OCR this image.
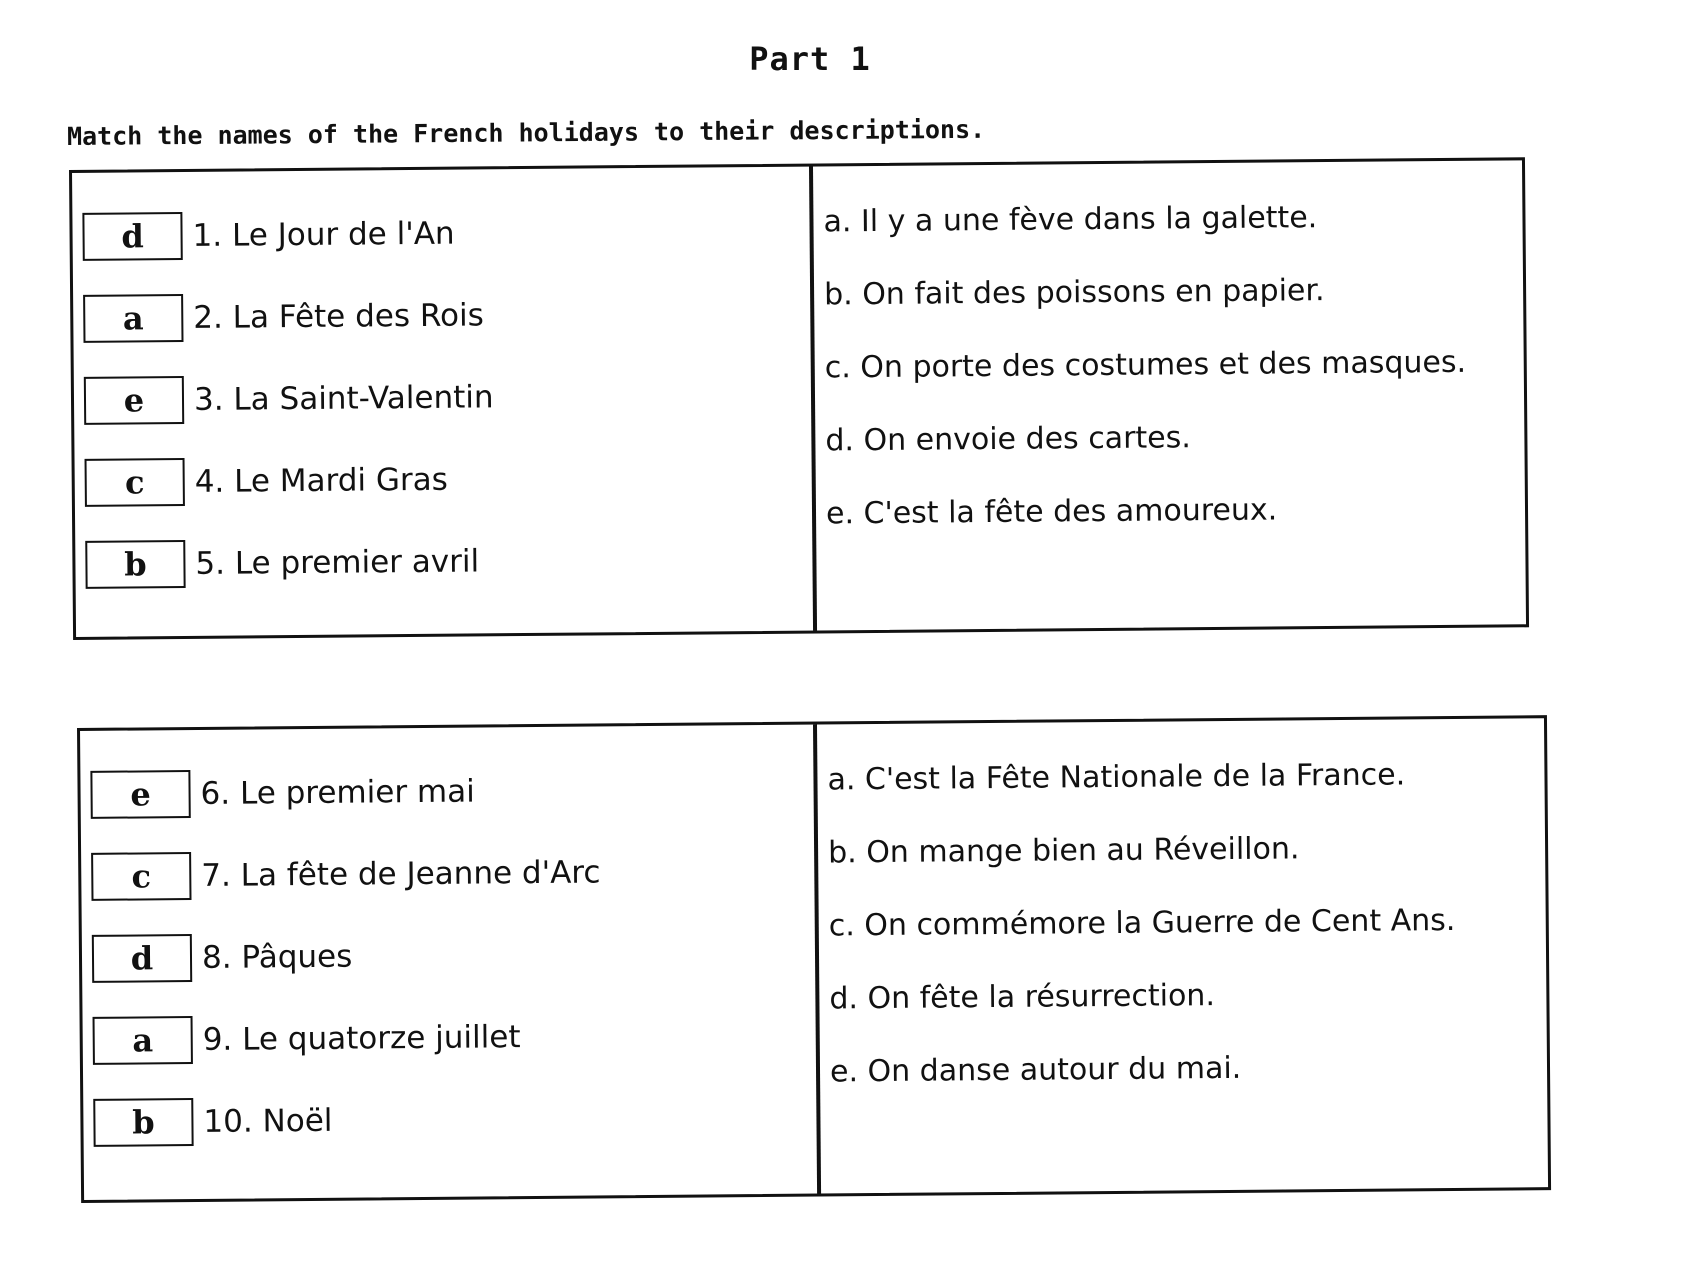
Part 1
Match the names of the French holidays to their descriptions.
d	1. Le Jour de l'An
a	2. La Fête des Rois
e	3. La Saint-Valentin
c	4. Le Mardi Gras
b	5. Le premier avril
a. Il y a une fève dans la galette.
b. On fait des poissons en papier.
c. On porte des costumes et des masques.
d. On envoie des cartes.
e. C'est la fête des amoureux.
e	6. Le premier mai
c	7. La fête de Jeanne d'Arc
d	8. Pâques
a	9. Le quatorze juillet
b	10. Noël
a. C'est la Fête Nationale de la France.
b. On mange bien au Réveillon.
c. On commémore la Guerre de Cent Ans.
d. On fête la résurrection.
e. On danse autour du mai.
